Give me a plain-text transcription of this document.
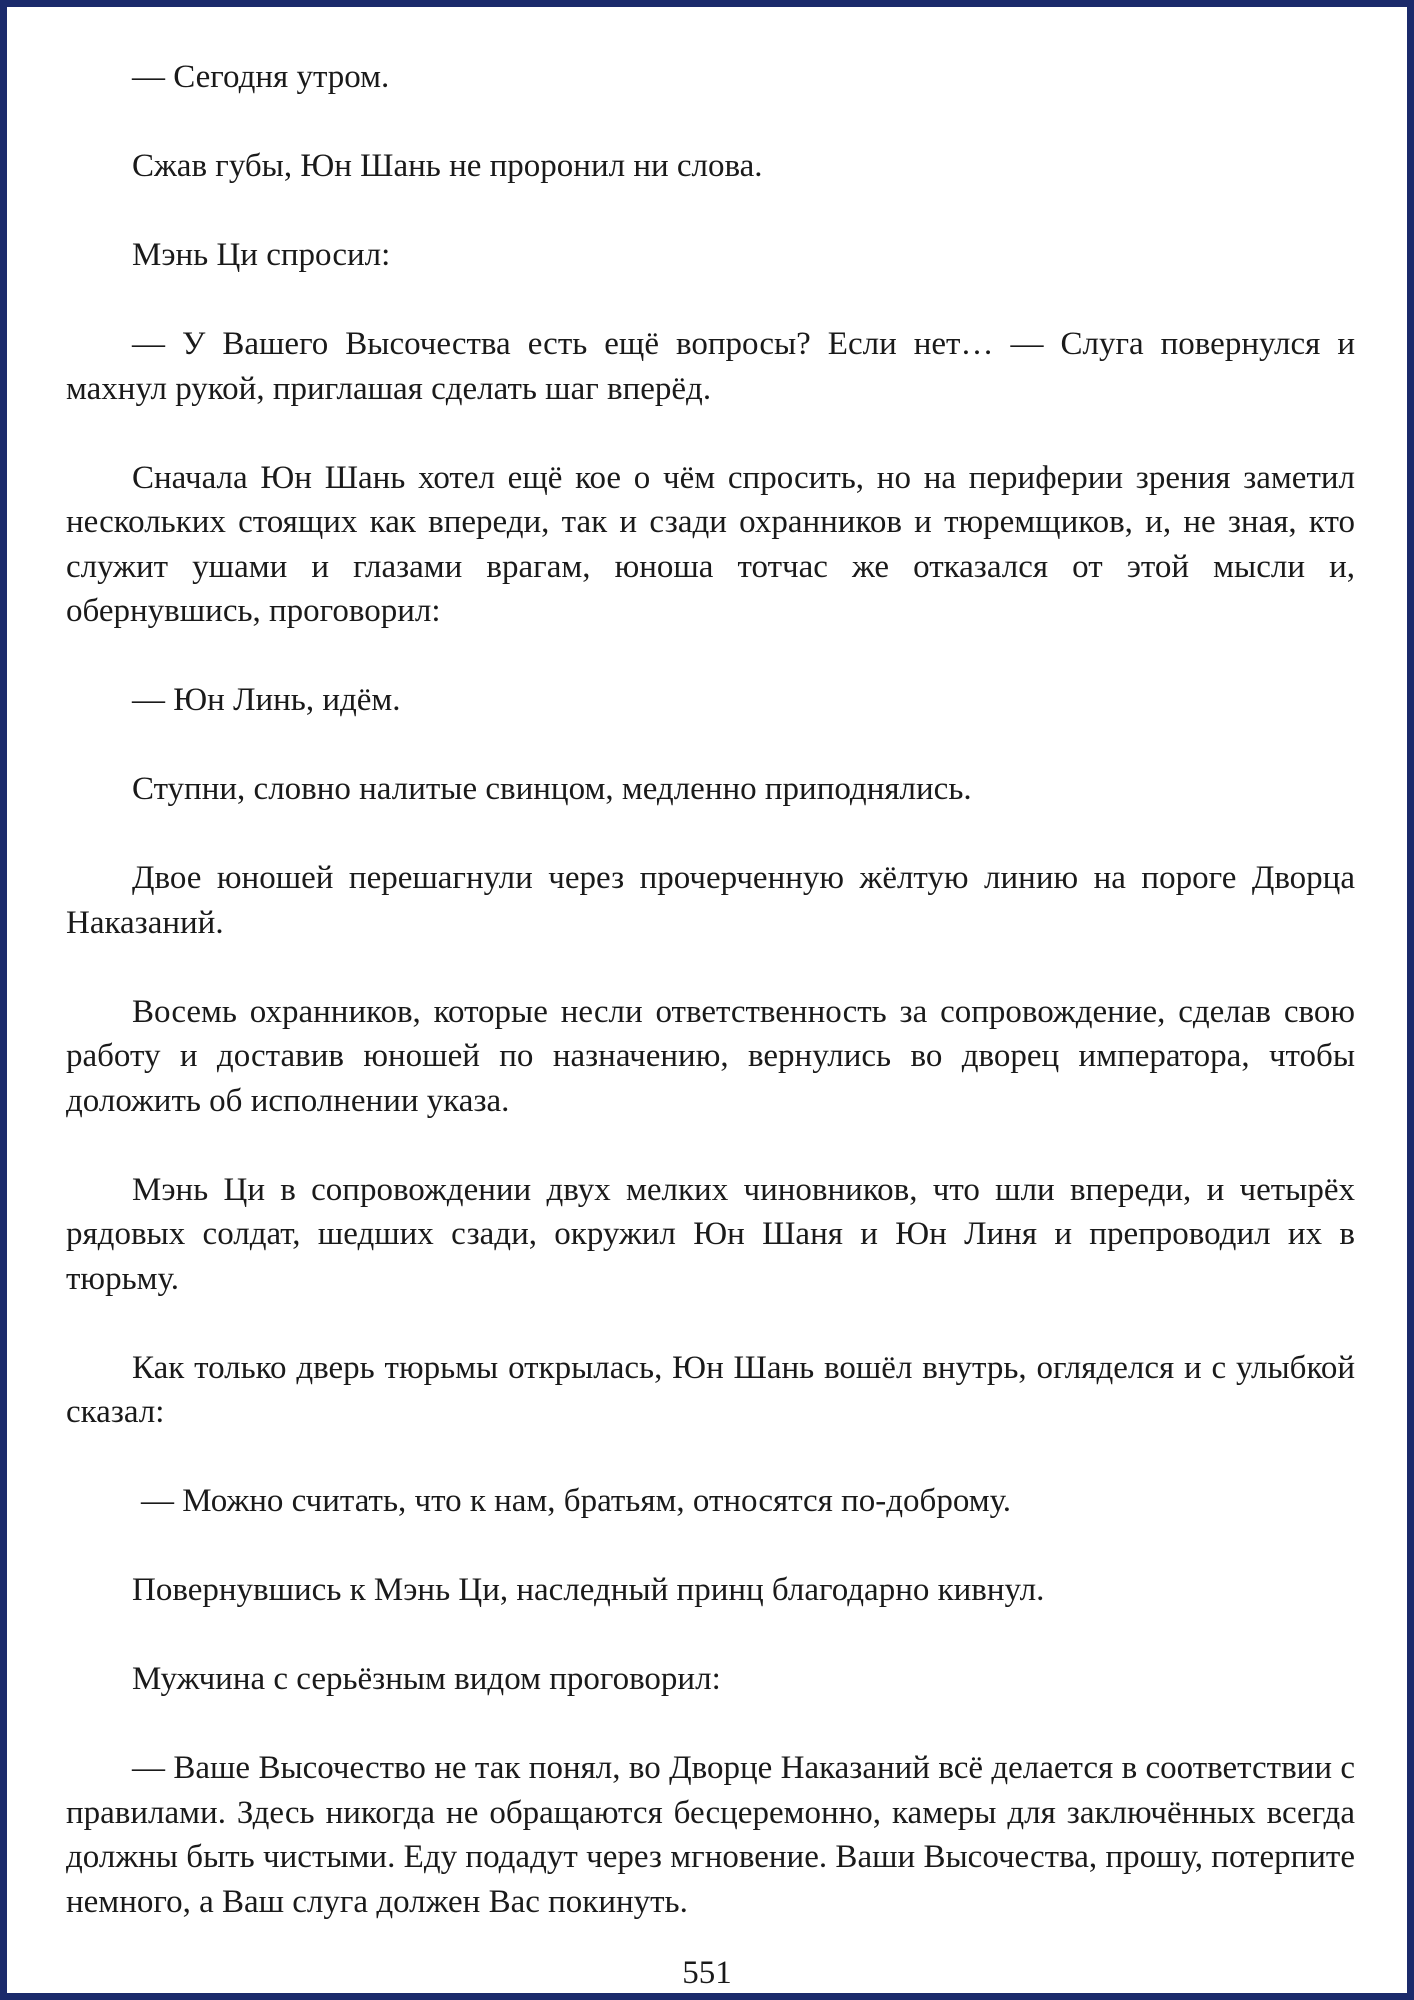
— Сегодня утром.

Сжав губы, Юн Шань не проронил ни слова.

Мэнь Ци спросил:

— У Вашего Высочества есть ещё вопросы? Если нет… — Слуга повернулся и махнул рукой, приглашая сделать шаг вперёд.

Сначала Юн Шань хотел ещё кое о чём спросить, но на периферии зрения заметил нескольких стоящих как впереди, так и сзади охранников и тюремщиков, и, не зная, кто служит ушами и глазами врагам, юноша тотчас же отказался от этой мысли и, обернувшись, проговорил:

— Юн Линь, идём.

Ступни, словно налитые свинцом, медленно приподнялись.

Двое юношей перешагнули через прочерченную жёлтую линию на пороге Дворца Наказаний.

Восемь охранников, которые несли ответственность за сопровождение, сделав свою работу и доставив юношей по назначению, вернулись во дворец императора, чтобы доложить об исполнении указа.

Мэнь Ци в сопровождении двух мелких чиновников, что шли впереди, и четырёх рядовых солдат, шедших сзади, окружил Юн Шаня и Юн Линя и препроводил их в тюрьму.

Как только дверь тюрьмы открылась, Юн Шань вошёл внутрь, огляделся и с улыбкой сказал:

— Можно считать, что к нам, братьям, относятся по-доброму.

Повернувшись к Мэнь Ци, наследный принц благодарно кивнул.

Мужчина с серьёзным видом проговорил:

— Ваше Высочество не так понял, во Дворце Наказаний всё делается в соответствии с правилами. Здесь никогда не обращаются бесцеремонно, камеры для заключённых всегда должны быть чистыми. Еду подадут через мгновение. Ваши Высочества, прошу, потерпите немного, а Ваш слуга должен Вас покинуть.

551
